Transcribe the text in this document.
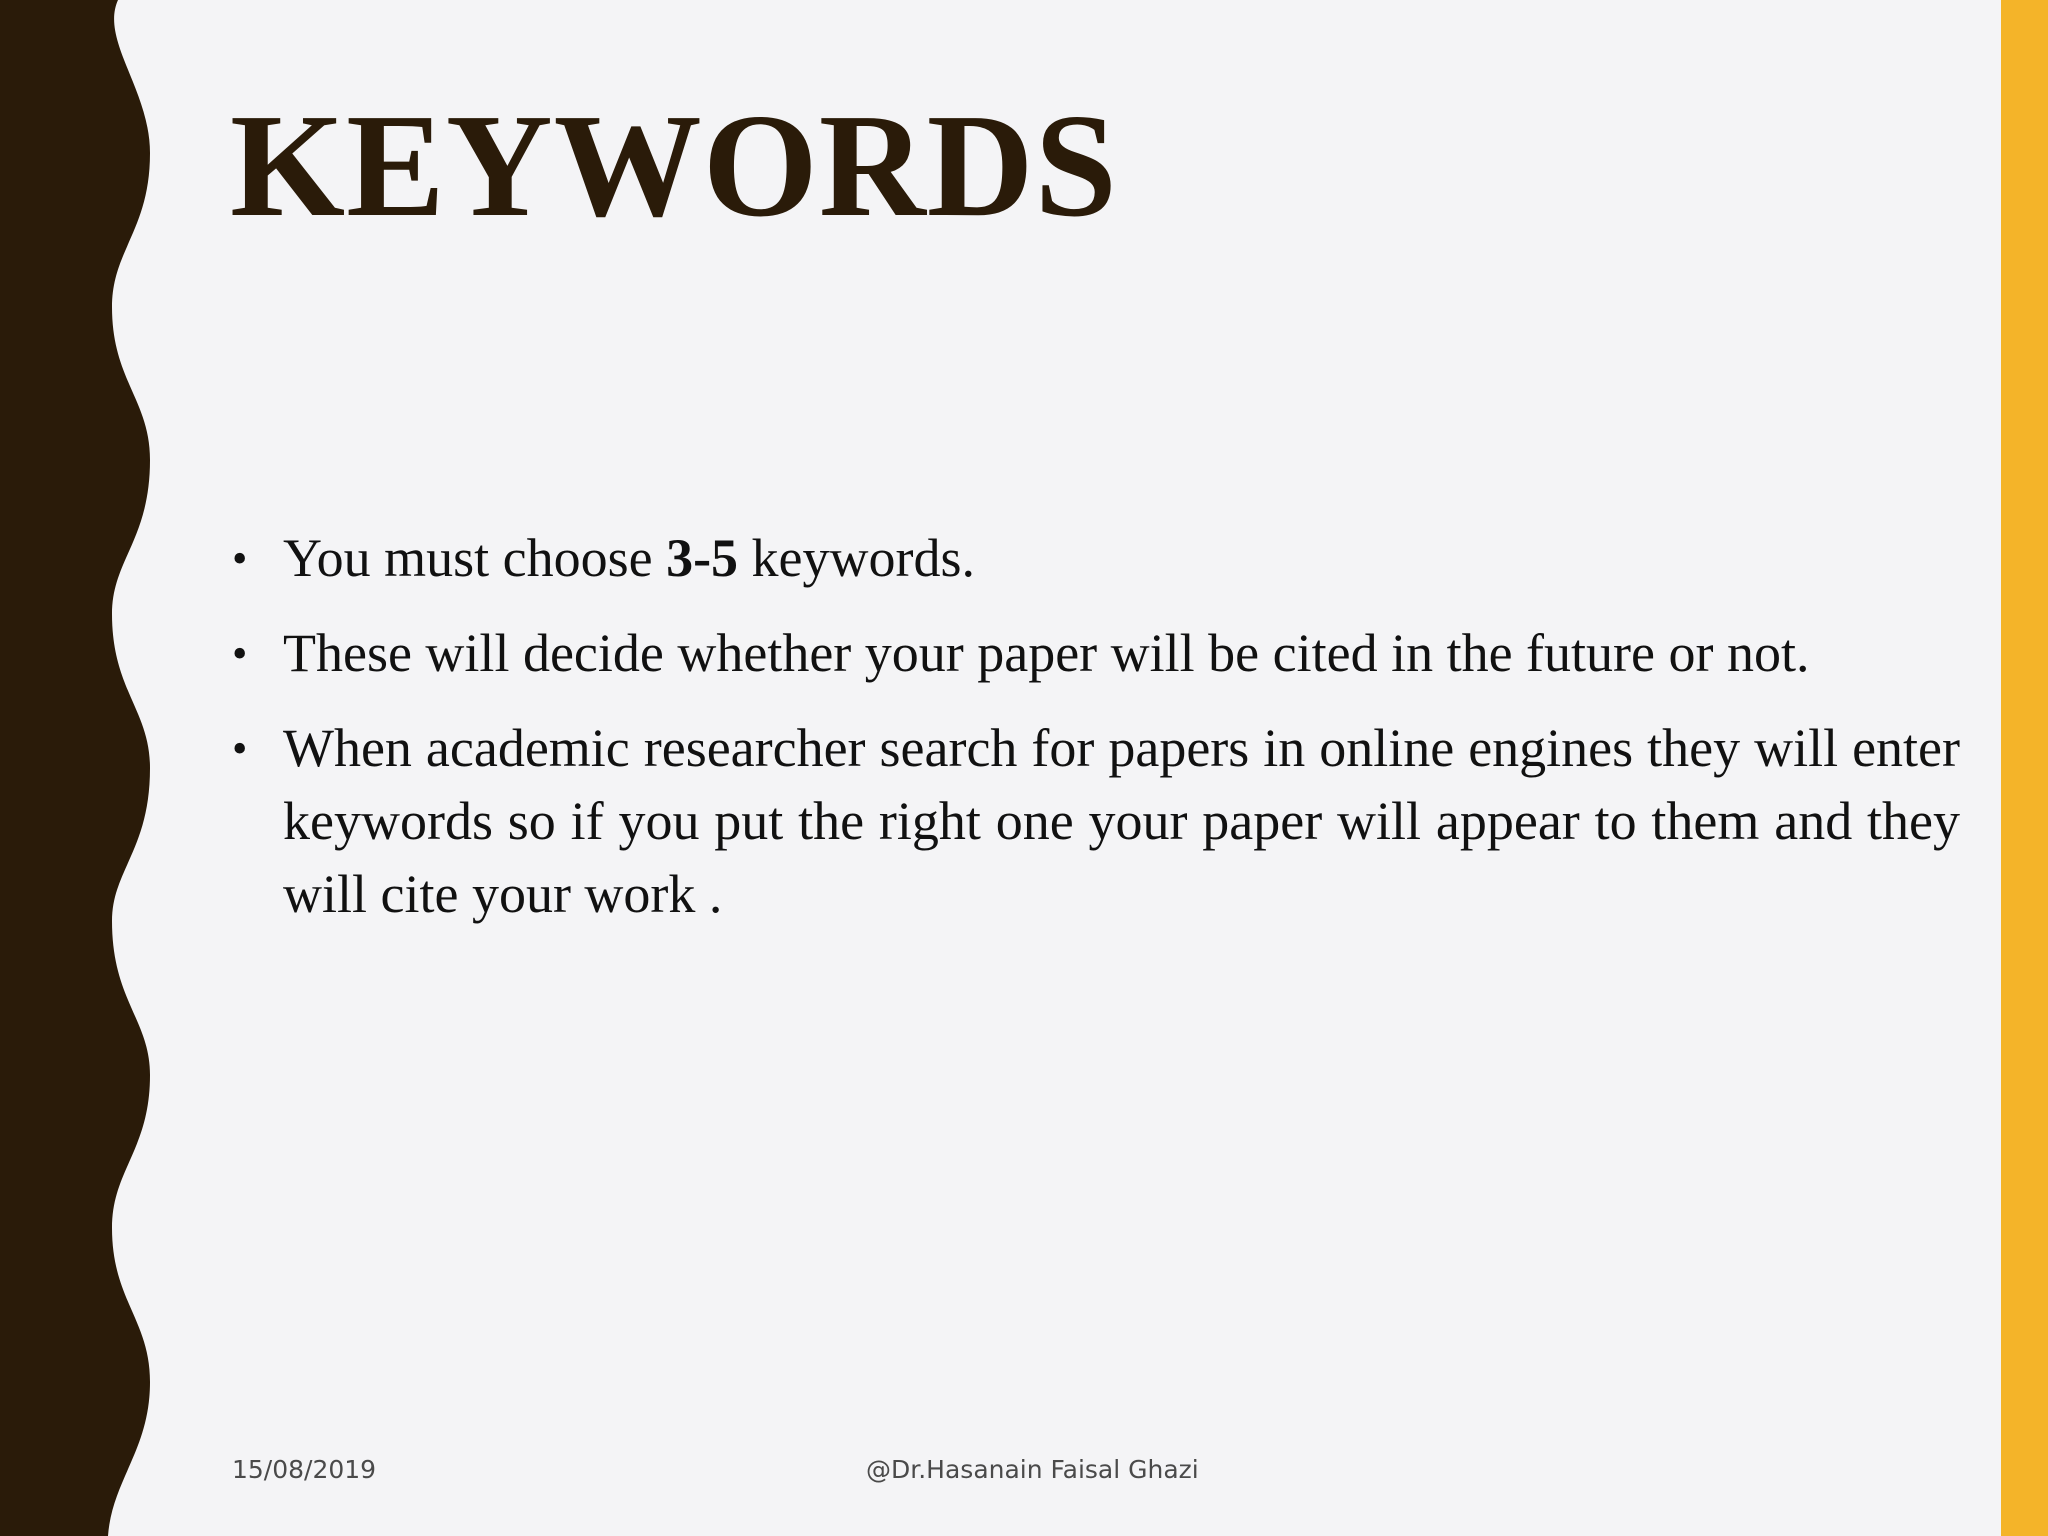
KEYWORDS
• You must choose 3-5 keywords.
• These will decide whether your paper will be cited in the future or not.
• When academic researcher search for papers in online engines they will enter keywords so if you put the right one your paper will appear to them and they will cite your work .
15/08/2019	@Dr.Hasanain Faisal Ghazi
